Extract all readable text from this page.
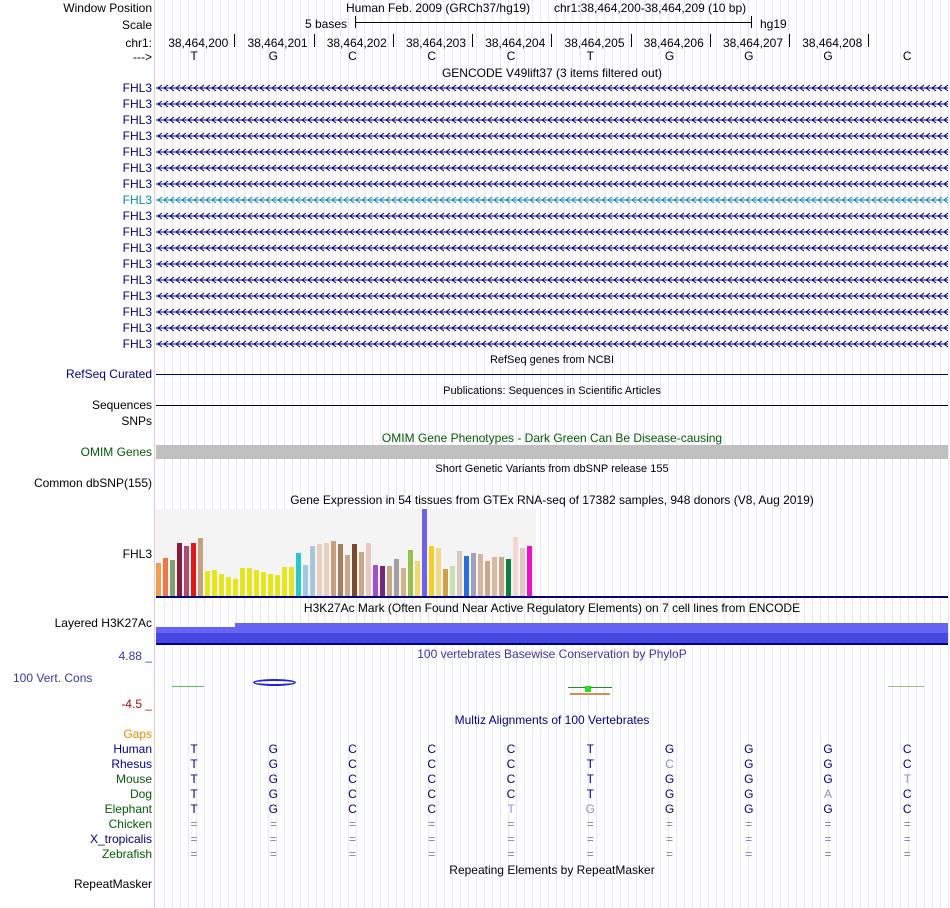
Window Position	Human Feb. 2009 (GRCh37/hg19) chr1:38,464,200-38,464,209 (10 bp)
Scale	5 bases	hg19
chr1:	38,464,200	38,464,201	38,464,202	38,464,203	38,464,204	38,464,205	38,464,206	38,464,207	38,464,208
--->	T	G	C	C	C	T	G	G	G	C
GENCODE V49lift37 (3 items filtered out)
FHL3
FHL3
FHL3
FHL3
FHL3
FHL3
FHL3
FHL3
FHL3
FHL3
FHL3
FHL3
FHL3
FHL3
FHL3
FHL3
FHL3
RefSeq genes from NCBI
RefSeq Curated
Publications: Sequences in Scientific Articles
Sequences
SNPs
OMIM Gene Phenotypes - Dark Green Can Be Disease-causing
OMIM Genes
Short Genetic Variants from dbSNP release 155
Common dbSNP(155)
Gene Expression in 54 tissues from GTEx RNA-seq of 17382 samples, 948 donors (V8, Aug 2019)
FHL3
H3K27Ac Mark (Often Found Near Active Regulatory Elements) on 7 cell lines from ENCODE
Layered H3K27Ac
100 vertebrates Basewise Conservation by PhyloP
4.88 _
100 Vert. Cons
-4.5 _
Multiz Alignments of 100 Vertebrates
Gaps
Human	T	G	C	C	C	T	G	G	G	C
Rhesus	T	G	C	C	C	T	C	G	G	C
Mouse	T	G	C	C	C	T	G	G	G	T
Dog	T	G	C	C	C	T	G	G	A	C
Elephant	T	G	C	C	T	G	G	G	G	C
Chicken	=	=	=	=	=	=	=	=	=	=
X_tropicalis	=	=	=	=	=	=	=	=	=	=
Zebrafish	=	=	=	=	=	=	=	=	=	=
Repeating Elements by RepeatMasker
RepeatMasker
